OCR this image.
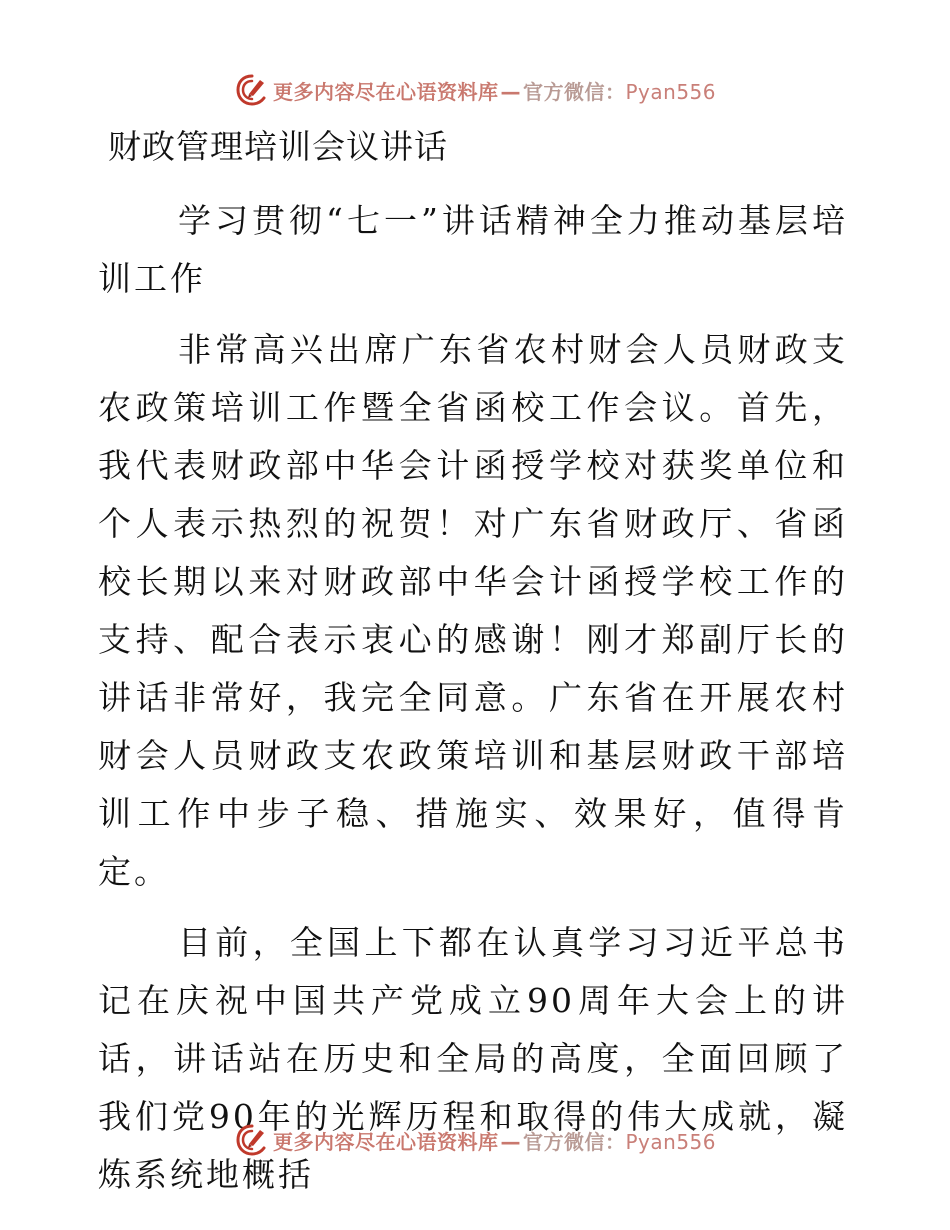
更多内容尽在心语资料库 — 官方微信：Pyan556
财政管理培训会议讲话

学习贯彻“七一”讲话精神全力推动基层培训工作

非常高兴出席广东省农村财会人员财政支农政策培训工作暨全省函校工作会议。首先，我代表财政部中华会计函授学校对获奖单位和个人表示热烈的祝贺！对广东省财政厅、省函校长期以来对财政部中华会计函授学校工作的支持、配合表示衷心的感谢！刚才郑副厅长的讲话非常好，我完全同意。广东省在开展农村财会人员财政支农政策培训和基层财政干部培训工作中步子稳、措施实、效果好，值得肯定。

目前，全国上下都在认真学习习近平总书记在庆祝中国共产党成立90周年大会上的讲话，讲话站在历史和全局的高度，全面回顾了我们党90年的光辉历程和取得的伟大成就，凝炼系统地概括

更多内容尽在心语资料库 — 官方微信：Pyan556
